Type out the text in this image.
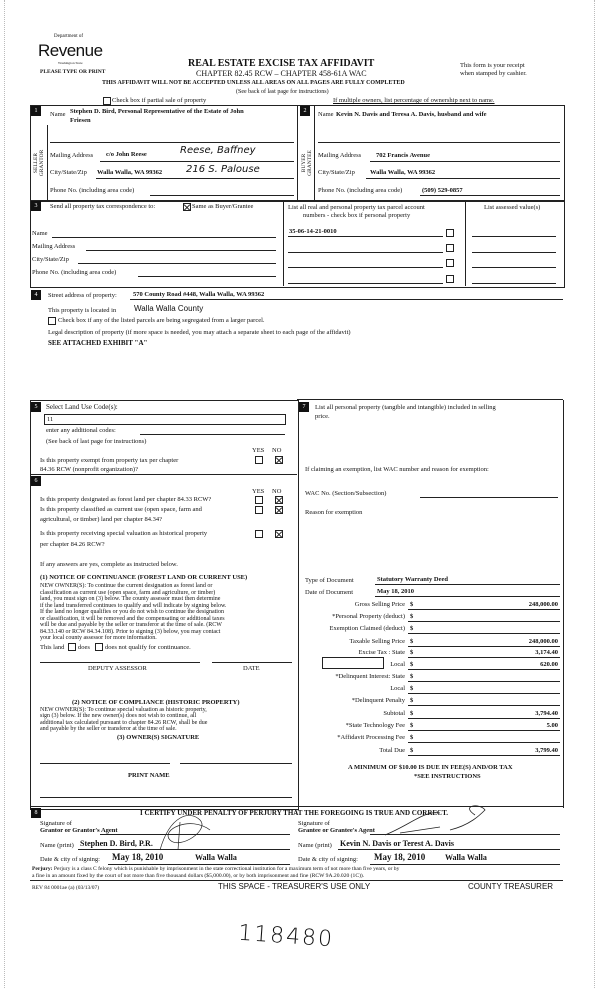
Department of
Revenue
Washington State
PLEASE TYPE OR PRINT
REAL ESTATE EXCISE TAX AFFIDAVIT
CHAPTER 82.45 RCW – CHAPTER 458-61A WAC
This form is your receipt
when stamped by cashier.
THIS AFFIDAVIT WILL NOT BE ACCEPTED UNLESS ALL AREAS ON ALL PAGES ARE FULLY COMPLETED
(See back of last page for instructions)
Check box if partial sale of property	If multiple owners, list percentage of ownership next to name.
1	2
SELLER
GRANTOR	BUYER
GRANTEE
Name Stephen D. Bird, Personal Representative of the Estate of John
Friesen
Mailing Address c/o John Reese	Reese, Baffney
City/State/Zip Walla Walla, WA 99362 216 S. Palouse
Phone No. (including area code)
Name Kevin N. Davis and Teresa A. Davis, husband and wife
Mailing Address 702 Francis Avenue
City/State/Zip Walla Walla, WA 99362
Phone No. (including area code)	(509) 529-0857
3	Send all property tax correspondence to:	Same as Buyer/Grantee
Name
Mailing Address
City/State/Zip
Phone No. (including area code)
List all real and personal property tax parcel account
numbers - check box if personal property
35-06-14-21-0010
List assessed value(s)
4	Street address of property: 570 County Road #448, Walla Walla, WA 99362
This property is located in Walla Walla County
Check box if any of the listed parcels are being segregated from a larger parcel.
Legal description of property (if more space is needed, you may attach a separate sheet to each page of the affidavit)
SEE ATTACHED EXHIBIT "A"
5	Select Land Use Code(s):
11
enter any additional codes:
(See back of last page for instructions)
YES NO
Is this property exempt from property tax per chapter
84.36 RCW (nonprofit organization)?
6
YES NO
Is this property designated as forest land per chapter 84.33 RCW?
Is this property classified as current use (open space, farm and
agricultural, or timber) land per chapter 84.34?
Is this property receiving special valuation as historical property
per chapter 84.26 RCW?
If any answers are yes, complete as instructed below.
(1) NOTICE OF CONTINUANCE (FOREST LAND OR CURRENT USE)
NEW OWNER(S): To continue the current designation as forest land or
classification as current use (open space, farm and agriculture, or timber)
land, you must sign on (3) below. The county assessor must then determine
if the land transferred continues to qualify and will indicate by signing below.
If the land no longer qualifies or you do not wish to continue the designation
or classification, it will be removed and the compensating or additional taxes
will be due and payable by the seller or transferor at the time of sale. (RCW
84.33.140 or RCW 84.34.108). Prior to signing (3) below, you may contact
your local county assessor for more information.
This land does does not qualify for continuance.
DEPUTY ASSESSOR	DATE
(2) NOTICE OF COMPLIANCE (HISTORIC PROPERTY)
NEW OWNER(S): To continue special valuation as historic property,
sign (3) below. If the new owner(s) does not wish to continue, all
additional tax calculated pursuant to chapter 84.26 RCW, shall be due
and payable by the seller or transferor at the time of sale.
(3) OWNER(S) SIGNATURE
PRINT NAME
7	List all personal property (tangible and intangible) included in selling
price.
If claiming an exemption, list WAC number and reason for exemption:
WAC No. (Section/Subsection)
Reason for exemption
Type of Document	Statutory Warranty Deed
Date of Document	May 18, 2010
Gross Selling Price $	248,000.00
*Personal Property (deduct) $
Exemption Claimed (deduct) $
Taxable Selling Price $	248,000.00
Excise Tax : State $	3,174.40
Local $	620.00
*Delinquent Interest: State $
Local $
*Delinquent Penalty $
Subtotal $	3,794.40
*State Technology Fee $	5.00
*Affidavit Processing Fee $
Total Due $	3,799.40
A MINIMUM OF $10.00 IS DUE IN FEE(S) AND/OR TAX
*SEE INSTRUCTIONS
8	I CERTIFY UNDER PENALTY OF PERJURY THAT THE FOREGOING IS TRUE AND CORRECT.
Signature of
Grantor or Grantor's Agent
Name (print) Stephen D. Bird, P.R.
Date & city of signing: May 18, 2010	Walla Walla
Signature of
Grantee or Grantee's Agent
Name (print) Kevin N. Davis or Terest A. Davis
Date & city of signing: May 18, 2010 Walla Walla
Perjury: Perjury is a class C felony which is punishable by imprisonment in the state correctional institution for a maximum term of not more than five years, or by
a fine in an amount fixed by the court of not more than five thousand dollars ($5,000.00), or by both imprisonment and fine (RCW 9A.20.020 (1C)).
REV 84 0001ae (a) (03/13/07)	THIS SPACE - TREASURER'S USE ONLY	COUNTY TREASURER
118480
